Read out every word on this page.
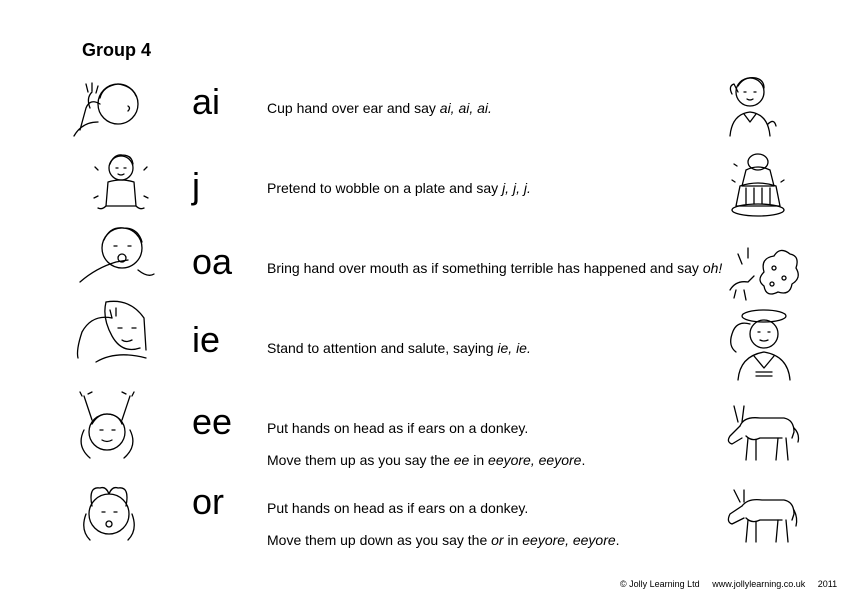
Group 4
ai	Cup hand over ear and say ai, ai, ai.
j	Pretend to wobble on a plate and say j, j, j.
oa Bring hand over mouth as if something terrible has happened and say oh!
ie	Stand to attention and salute, saying ie, ie.
ee Put hands on head as if ears on a donkey.
Move them up as you say the ee in eeyore, eeyore.
or	Put hands on head as if ears on a donkey.
Move them up down as you say the or in eeyore, eeyore.
© Jolly Learning Ltd www.jollylearning.co.uk 2011
